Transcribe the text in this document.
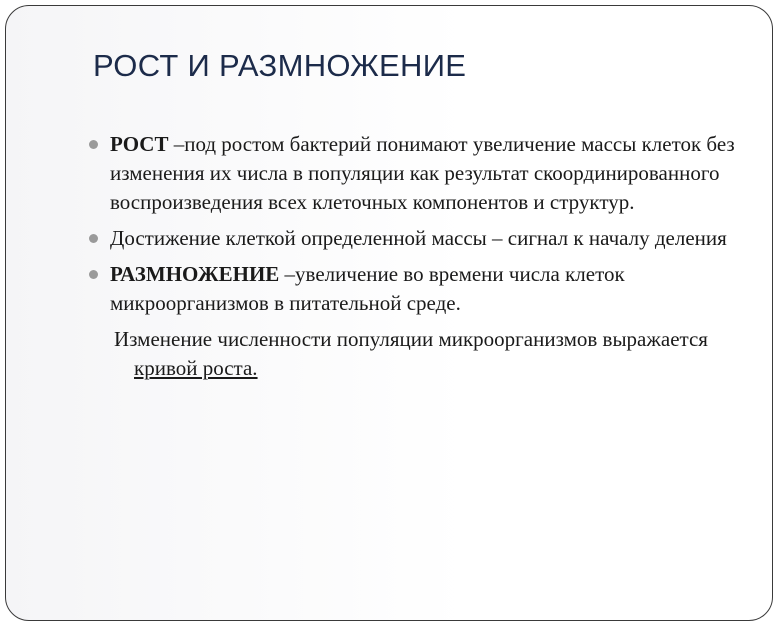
РОСТ И РАЗМНОЖЕНИЕ
РОСТ –под ростом бактерий понимают увеличение массы клеток без изменения их числа в популяции как результат скоординированного воспроизведения всех клеточных компонентов и структур.
Достижение клеткой определенной массы – сигнал к началу деления
РАЗМНОЖЕНИЕ –увеличение во времени числа клеток микроорганизмов в питательной среде.
Изменение численности популяции микроорганизмов выражается кривой роста.
